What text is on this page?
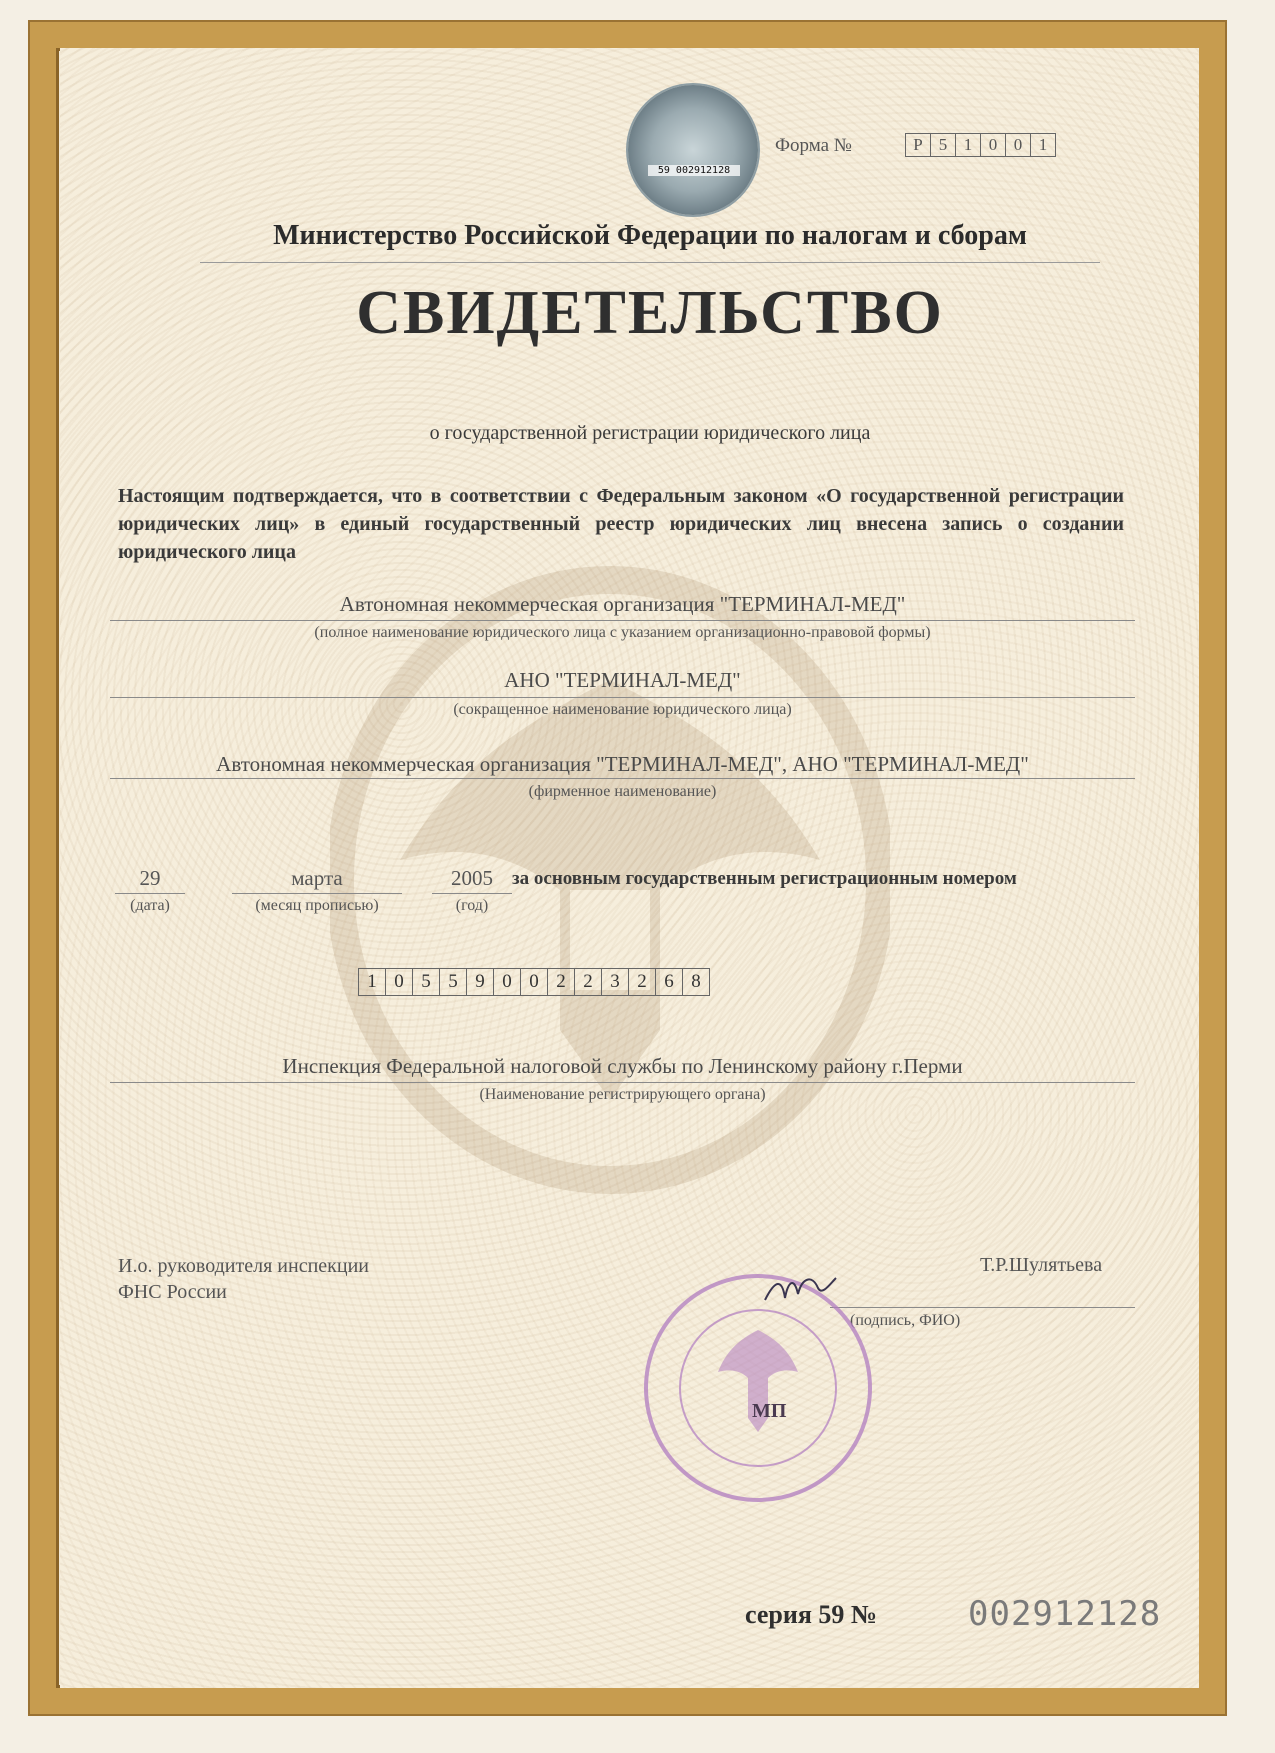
59 002912128
Форма №	Р 5 1 0 0 1
Министерство Российской Федерации по налогам и сборам
СВИДЕТЕЛЬСТВО
о государственной регистрации юридического лица
Настоящим подтверждается, что в соответствии с Федеральным законом «О государственной регистрации юридических лиц» в единый государственный реестр юридических лиц внесена запись о создании юридического лица
Автономная некоммерческая организация "ТЕРМИНАЛ-МЕД"
(полное наименование юридического лица с указанием организационно-правовой формы)
АНО "ТЕРМИНАЛ-МЕД"
(сокращенное наименование юридического лица)
Автономная некоммерческая организация "ТЕРМИНАЛ-МЕД", АНО "ТЕРМИНАЛ-МЕД"
(фирменное наименование)
29
(дата)
марта
(месяц прописью)
2005
(год)
за основным государственным регистрационным номером
1 0 5 5 9 0 0 2 2 3 2 6 8
Инспекция Федеральной налоговой службы по Ленинскому району г.Перми
(Наименование регистрирующего органа)
И.о. руководителя инспекции
ФНС России
Т.Р.Шулятьева
(подпись, ФИО)
МП
серия 59 №	002912128
